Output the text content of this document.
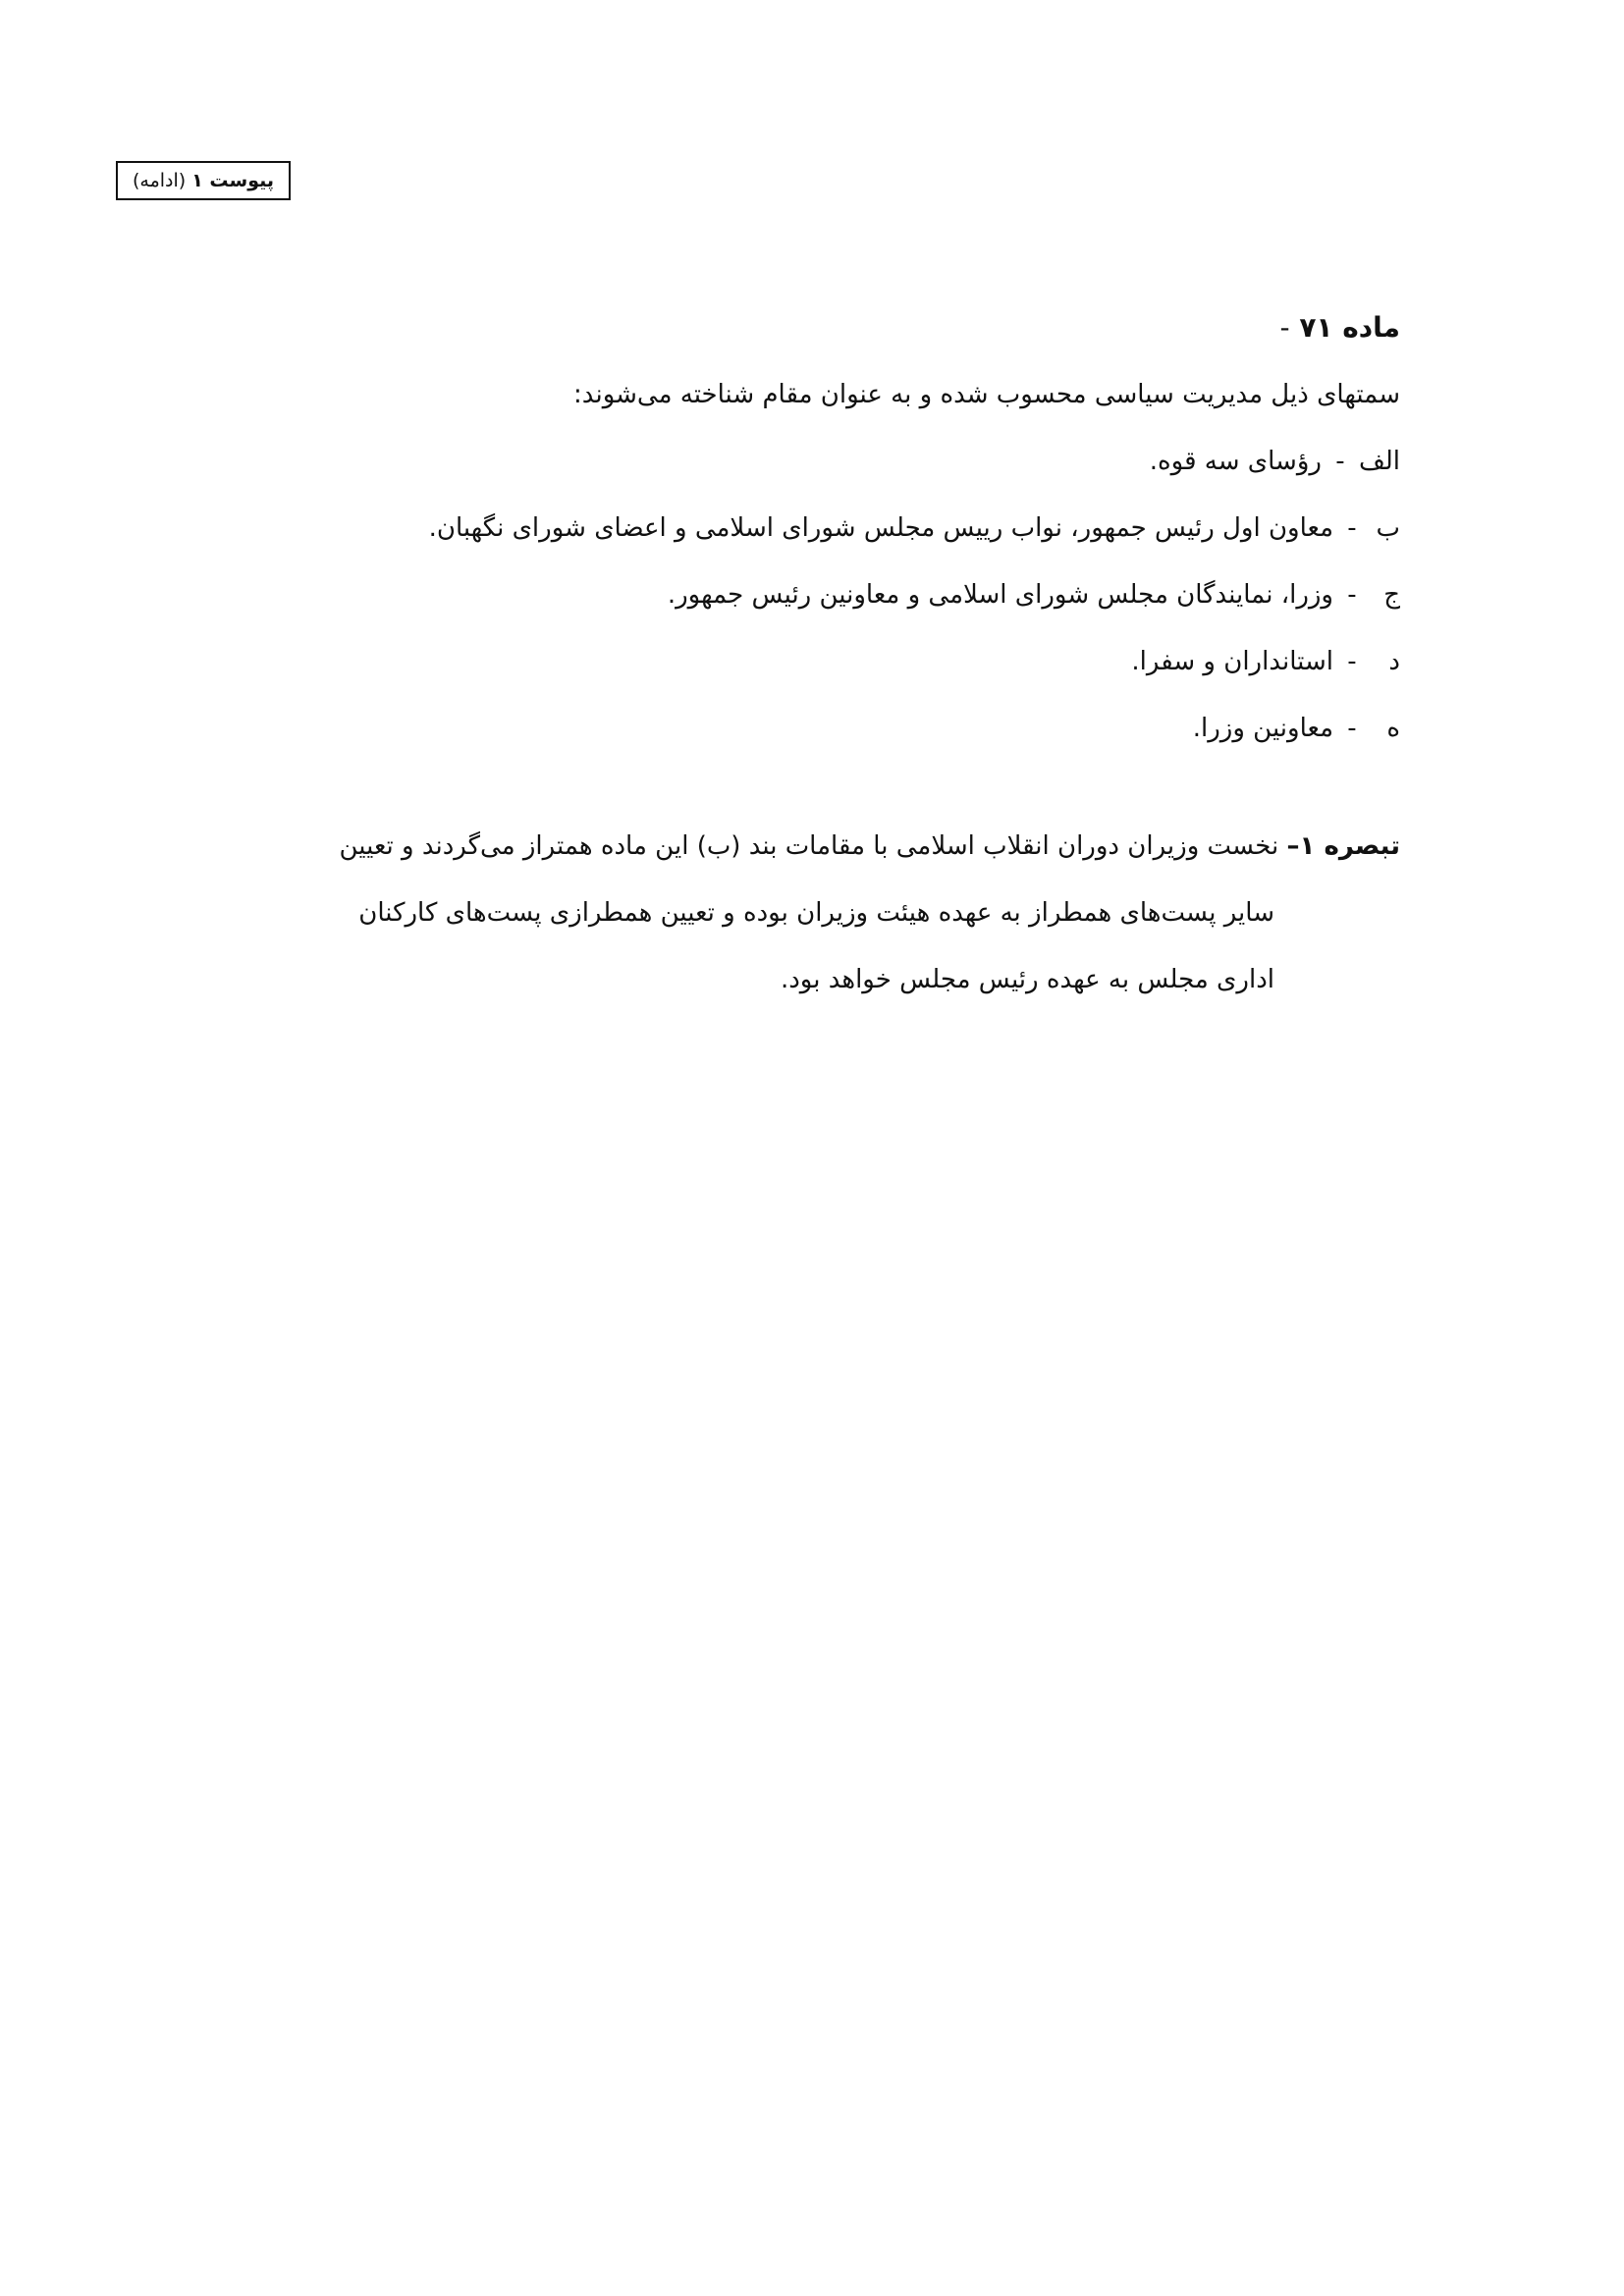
پیوست ۱
(ادامه)

ماده ۷۱ -

سمتهای ذیل مدیریت سیاسی محسوب شده و به عنوان مقام شناخته می‌شوند:

الف-رؤسای سه قوه.

ب-معاون اول رئیس جمهور، نواب رییس مجلس شورای اسلامی و اعضای شورای نگهبان.

ج-وزرا، نمایندگان مجلس شورای اسلامی و معاونین رئیس جمهور.

د-استانداران و سفرا.

ه-معاونین وزرا.

تبصره ۱– نخست وزیران دوران انقلاب اسلامی با مقامات بند (ب) این ماده همتراز می‌گردند و تعیین

سایر پست‌های همطراز به عهده هیئت وزیران بوده و تعیین همطرازی پست‌های کارکنان

اداری مجلس به عهده رئیس مجلس خواهد بود.
